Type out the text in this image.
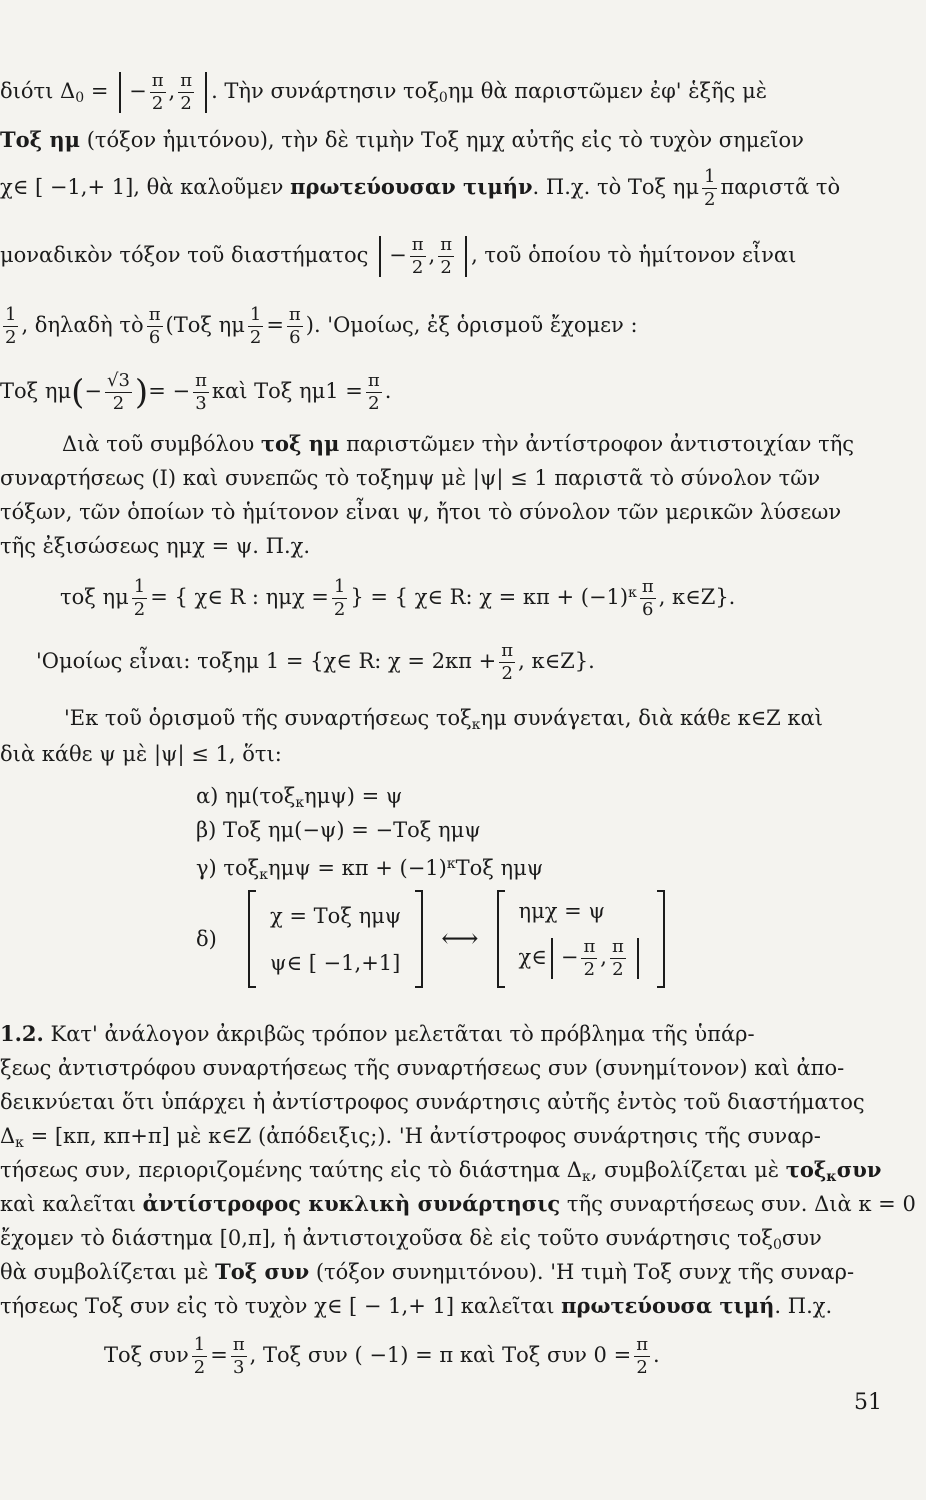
διότι $\Delta_0$ = − $\frac{\pi}{2}$ , $\frac{\pi}{2}$ . Τὴν συνάρτησιν τοξ$_0$ημ θὰ παριστῶμεν ἐφ' ἑξῆς μὲ
Τοξ ημ (τόξον ἡμιτόνου), τὴν δὲ τιμὴν Τοξ ημχ αὐτῆς εἰς τὸ τυχὸν σημεῖον
χ∈ [ −1,+ 1], θὰ καλοῦμεν πρωτεύουσαν τιμήν. Π.χ. τὸ Τοξ ημ $\frac{1}{2}$ παριστᾶ τὸ
μοναδικὸν τόξον τοῦ $\delta\iota\alpha\sigma\tau ή\mu\alpha\tau o\varsigma - \frac{\pi}{2}$ , $\frac{\pi}{2}$ , τοῦ ὁποίου τὸ ἡμίτονον εἶναι
$\frac{1}{2}$ , δηλαδὴ τὸ $\frac{\pi}{6} (To\xi$ ημ $\frac{1}{2} = \frac{\pi}{6}$ ). 'Ομοίως, ἐξ ὁρισμοῦ ἔχομεν :
Τοξ $\eta\mu(- \frac{√3}{2}$ )= − $\frac{\pi}{3}$ καὶ Τοξ $\eta\mu 1 = \frac{\pi}{2}$ .
Διὰ τοῦ συμβόλου τοξ ημ παριστῶμεν τὴν ἀντίστροφον ἀντιστοιχίαν τῆς
συναρτήσεως (I) καὶ συνεπῶς τὸ τοξημψ μὲ |ψ| ≤ 1 παριστᾶ τὸ σύνολον τῶν
τόξων, τῶν ὁποίων τὸ ἡμίτονον εἶναι ψ, ἤτοι τὸ σύνολον τῶν μερικῶν λύσεων
τῆς ἐξισώσεως ημχ = ψ. Π.χ.
τοξ ημ $\frac{1}{2}$ = { χ∈ R : $\eta\mu\chi = \frac{1}{2}$ } = { χ∈ R: $\chi = \kappa\pi + (-1)^\kappa \frac{\pi}{6}$ , κ∈Z}.
'Ομοίως εἶναι: τοξημ 1 = {χ∈ R: $\chi = 2\kappa\pi + \frac{\pi}{2}$ , κ∈Z}.
'Εκ τοῦ ὁρισμοῦ τῆς συναρτήσεως τοξ$_\kappa$ημ συνάγεται, διὰ κάθε κ∈Z καὶ
διὰ κάθε ψ μὲ |ψ| ≤ 1, ὅτι:
α) ημ(τοξ$_\kappa$ημψ) = ψ
β) Τοξ ημ(−ψ) = −Τοξ ημψ
γ) $\tau o\xi_\kappa\eta\mu\psi = \kappa\pi + (-1)^\kappa To\xi$ ημψ
δ)
χ = Τοξ ημψ
ψ∈ [ −1,+1]
⟷
ημχ = ψ
χ∈ − $\frac{\pi}{2}$ , $\frac{\pi}{2}$
1.2. Κατ' ἀνάλογον ἀκριβῶς τρόπον μελετᾶται τὸ πρόβλημα τῆς ὑπάρ-
ξεως ἀντιστρόφου συναρτήσεως τῆς συναρτήσεως συν (συνημίτονον) καὶ ἀπο-
δεικνύεται ὅτι ὑπάρχει ἡ ἀντίστροφος συνάρτησις αὐτῆς ἐντὸς τοῦ διαστήματος
$\Delta_\kappa = [\kappa\pi$, κπ+π] μὲ κ∈Z (ἀπόδειξις;). 'Η ἀντίστροφος συνάρτησις τῆς συναρ-
τήσεως συν, περιοριζομένης ταύτης εἰς τὸ διάστημα $\Delta_\kappa$, συμβολίζεται μὲ τοξ$_\kappa$συν
καὶ καλεῖται ἀντίστροφος κυκλικὴ συνάρτησις τῆς συναρτήσεως συν. Διὰ κ = 0
ἔχομεν τὸ διάστημα [0,π], ἡ ἀντιστοιχοῦσα δὲ εἰς τοῦτο συνάρτησις τοξ$_0$συν
θὰ συμβολίζεται μὲ Τοξ συν (τόξον συνημιτόνου). 'Η τιμὴ Τοξ συνχ τῆς συναρ-
τήσεως Τοξ συν εἰς τὸ τυχὸν χ∈ [ − 1,+ 1] καλεῖται πρωτεύουσα τιμή. Π.χ.
Τοξ συν $\frac{1}{2} = \frac{\pi}{3}$ , Τοξ συν ( −1) = π καὶ Τοξ συν $0 = \frac{\pi}{2}$ .
51
